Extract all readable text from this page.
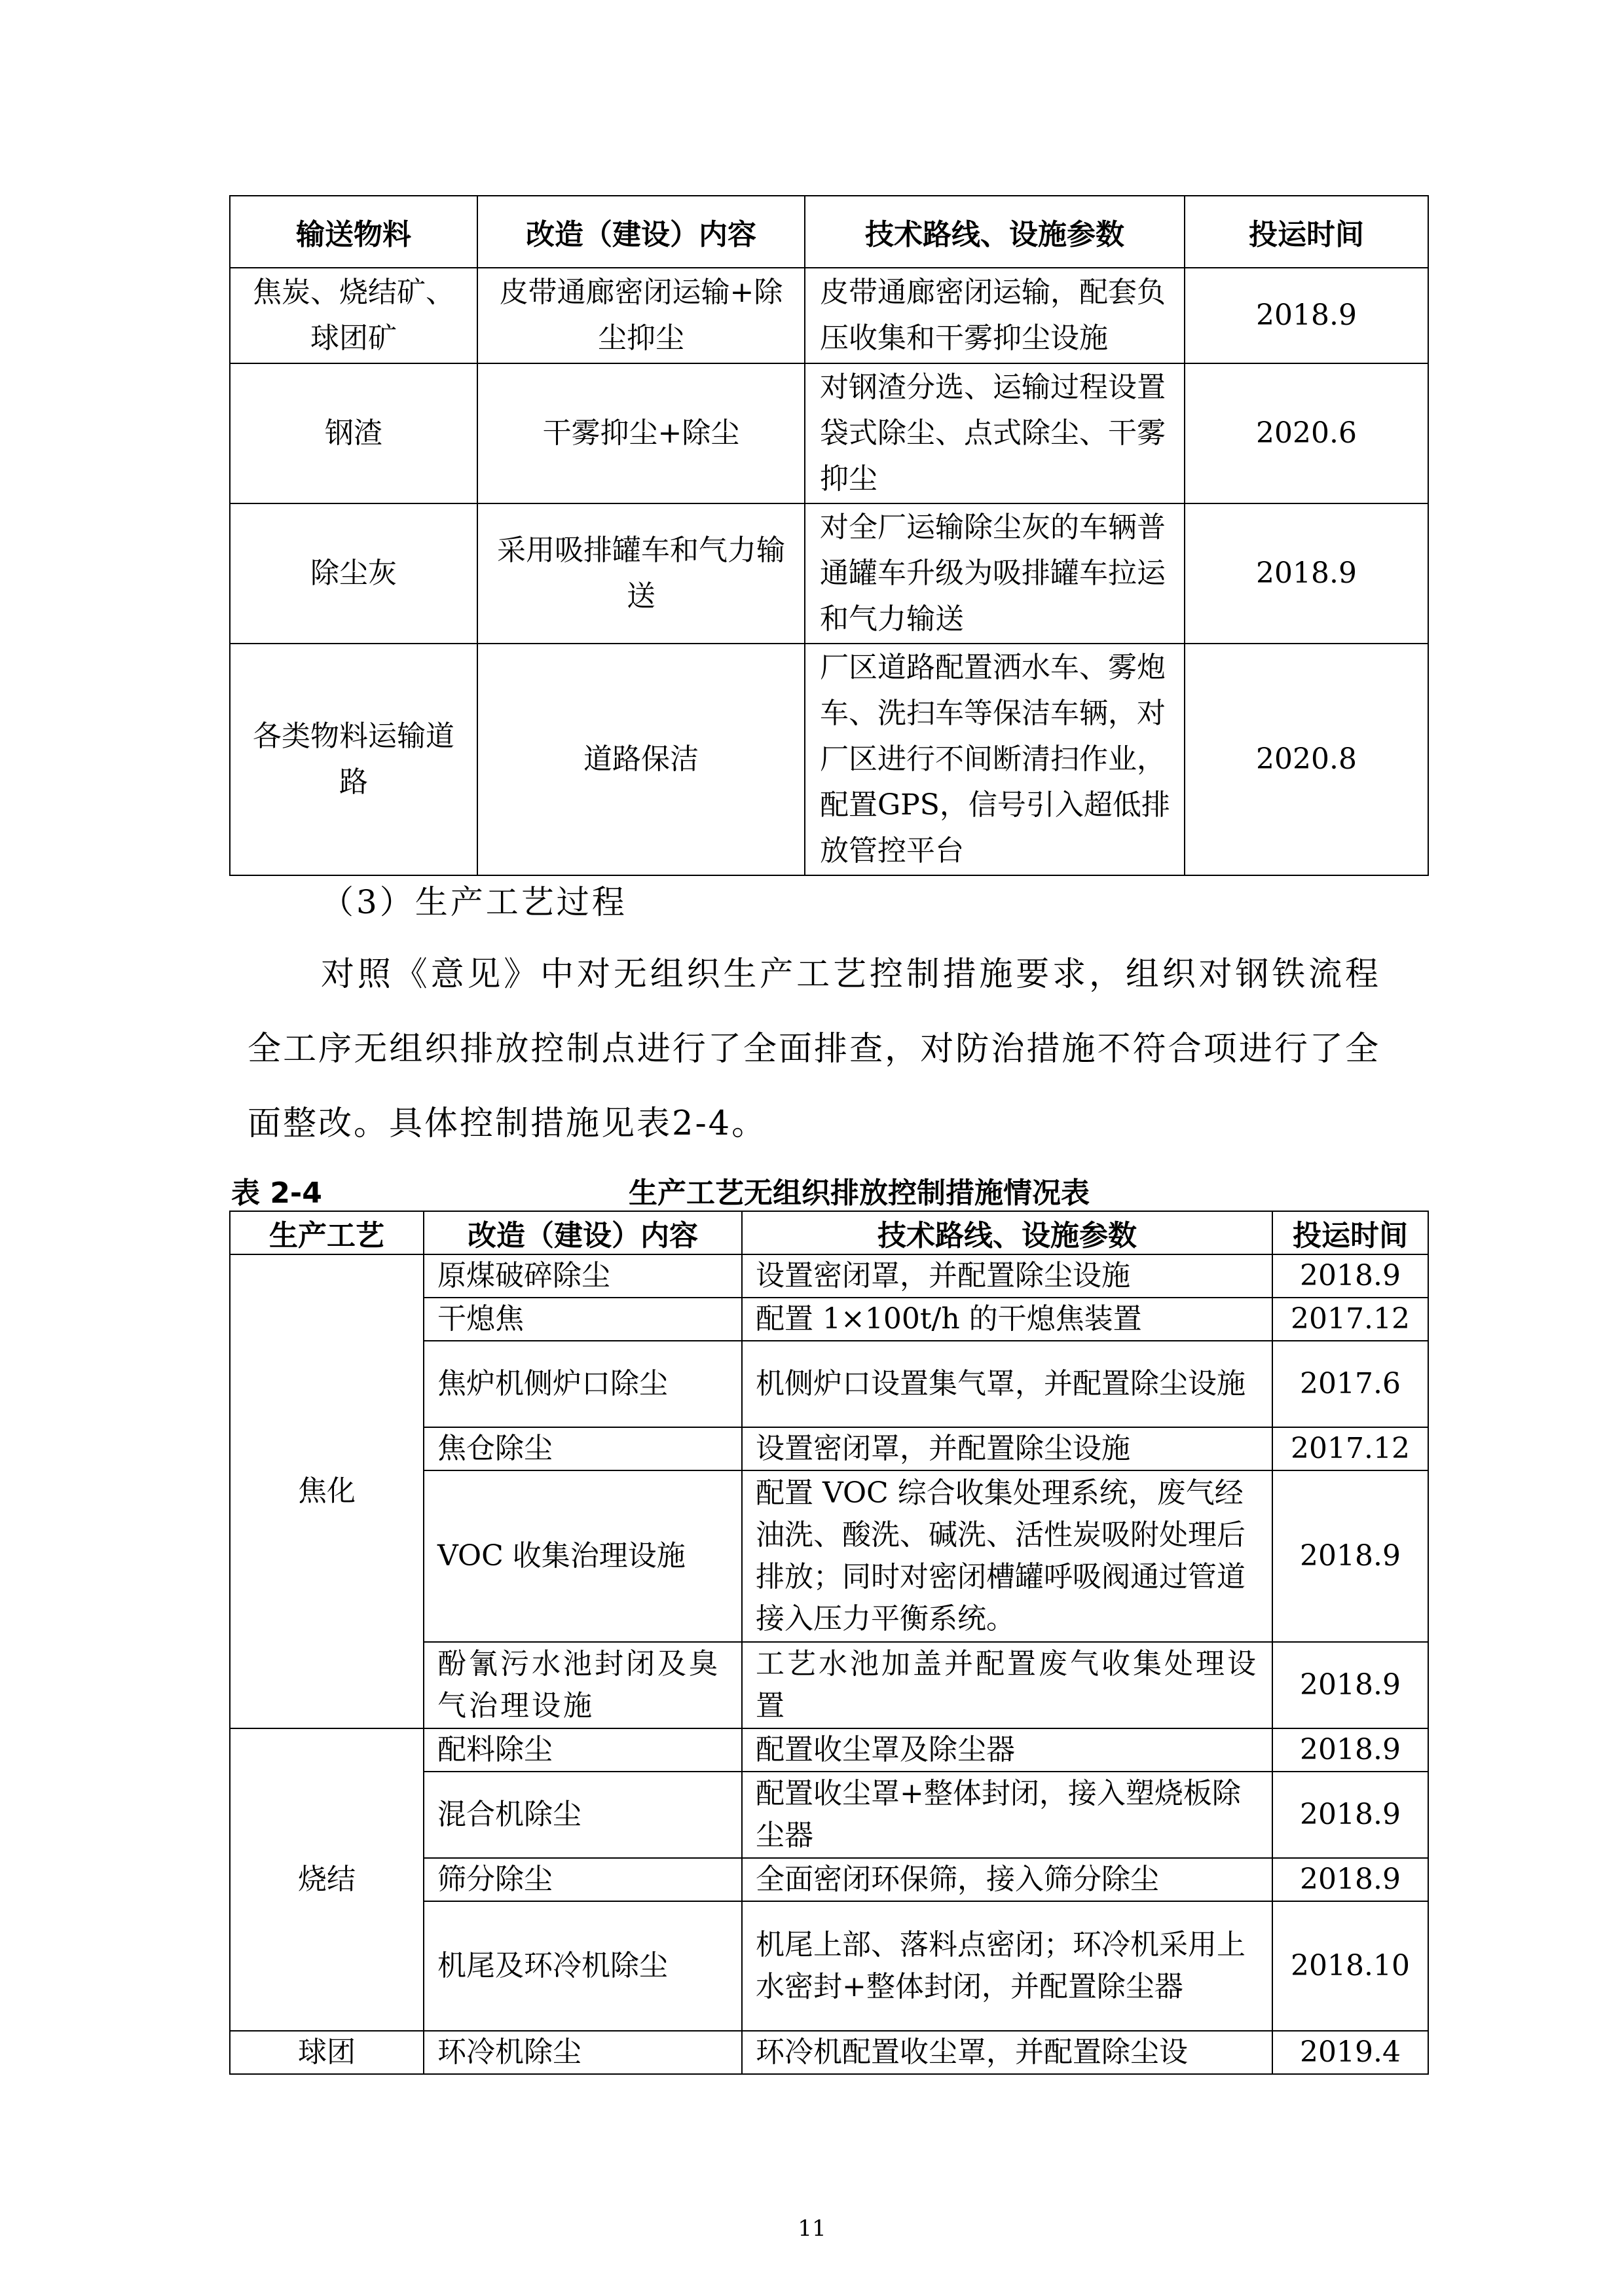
输送物料	改造（建设）内容	技术路线、设施参数	投运时间
焦炭、烧结矿、球团矿	皮带通廊密闭运输+除尘抑尘	皮带通廊密闭运输，配套负压收集和干雾抑尘设施	2018.9
钢渣	干雾抑尘+除尘	对钢渣分选、运输过程设置袋式除尘、点式除尘、干雾抑尘	2020.6
除尘灰	采用吸排罐车和气力输送	对全厂运输除尘灰的车辆普通罐车升级为吸排罐车拉运和气力输送	2018.9
各类物料运输道路	道路保洁	厂区道路配置洒水车、雾炮车、洗扫车等保洁车辆，对厂区进行不间断清扫作业，配置GPS，信号引入超低排放管控平台	2020.8
（3）生产工艺过程
对照《意见》中对无组织生产工艺控制措施要求，组织对钢铁流程全工序无组织排放控制点进行了全面排查，对防治措施不符合项进行了全面整改。具体控制措施见表2-4。
表 2-4	生产工艺无组织排放控制措施情况表
生产工艺	改造（建设）内容	技术路线、设施参数	投运时间
焦化	原煤破碎除尘	设置密闭罩，并配置除尘设施	2018.9
	干熄焦	配置 1×100t/h 的干熄焦装置	2017.12
	焦炉机侧炉口除尘	机侧炉口设置集气罩，并配置除尘设施	2017.6
	焦仓除尘	设置密闭罩，并配置除尘设施	2017.12
	VOC 收集治理设施	配置 VOC 综合收集处理系统，废气经油洗、酸洗、碱洗、活性炭吸附处理后排放；同时对密闭槽罐呼吸阀通过管道接入压力平衡系统。	2018.9
	酚氰污水池封闭及臭气治理设施	工艺水池加盖并配置废气收集处理设置	2018.9
烧结	配料除尘	配置收尘罩及除尘器	2018.9
	混合机除尘	配置收尘罩+整体封闭，接入塑烧板除尘器	2018.9
	筛分除尘	全面密闭环保筛，接入筛分除尘	2018.9
	机尾及环冷机除尘	机尾上部、落料点密闭；环冷机采用上水密封+整体封闭，并配置除尘器	2018.10
球团	环冷机除尘	环冷机配置收尘罩，并配置除尘设	2019.4
11
